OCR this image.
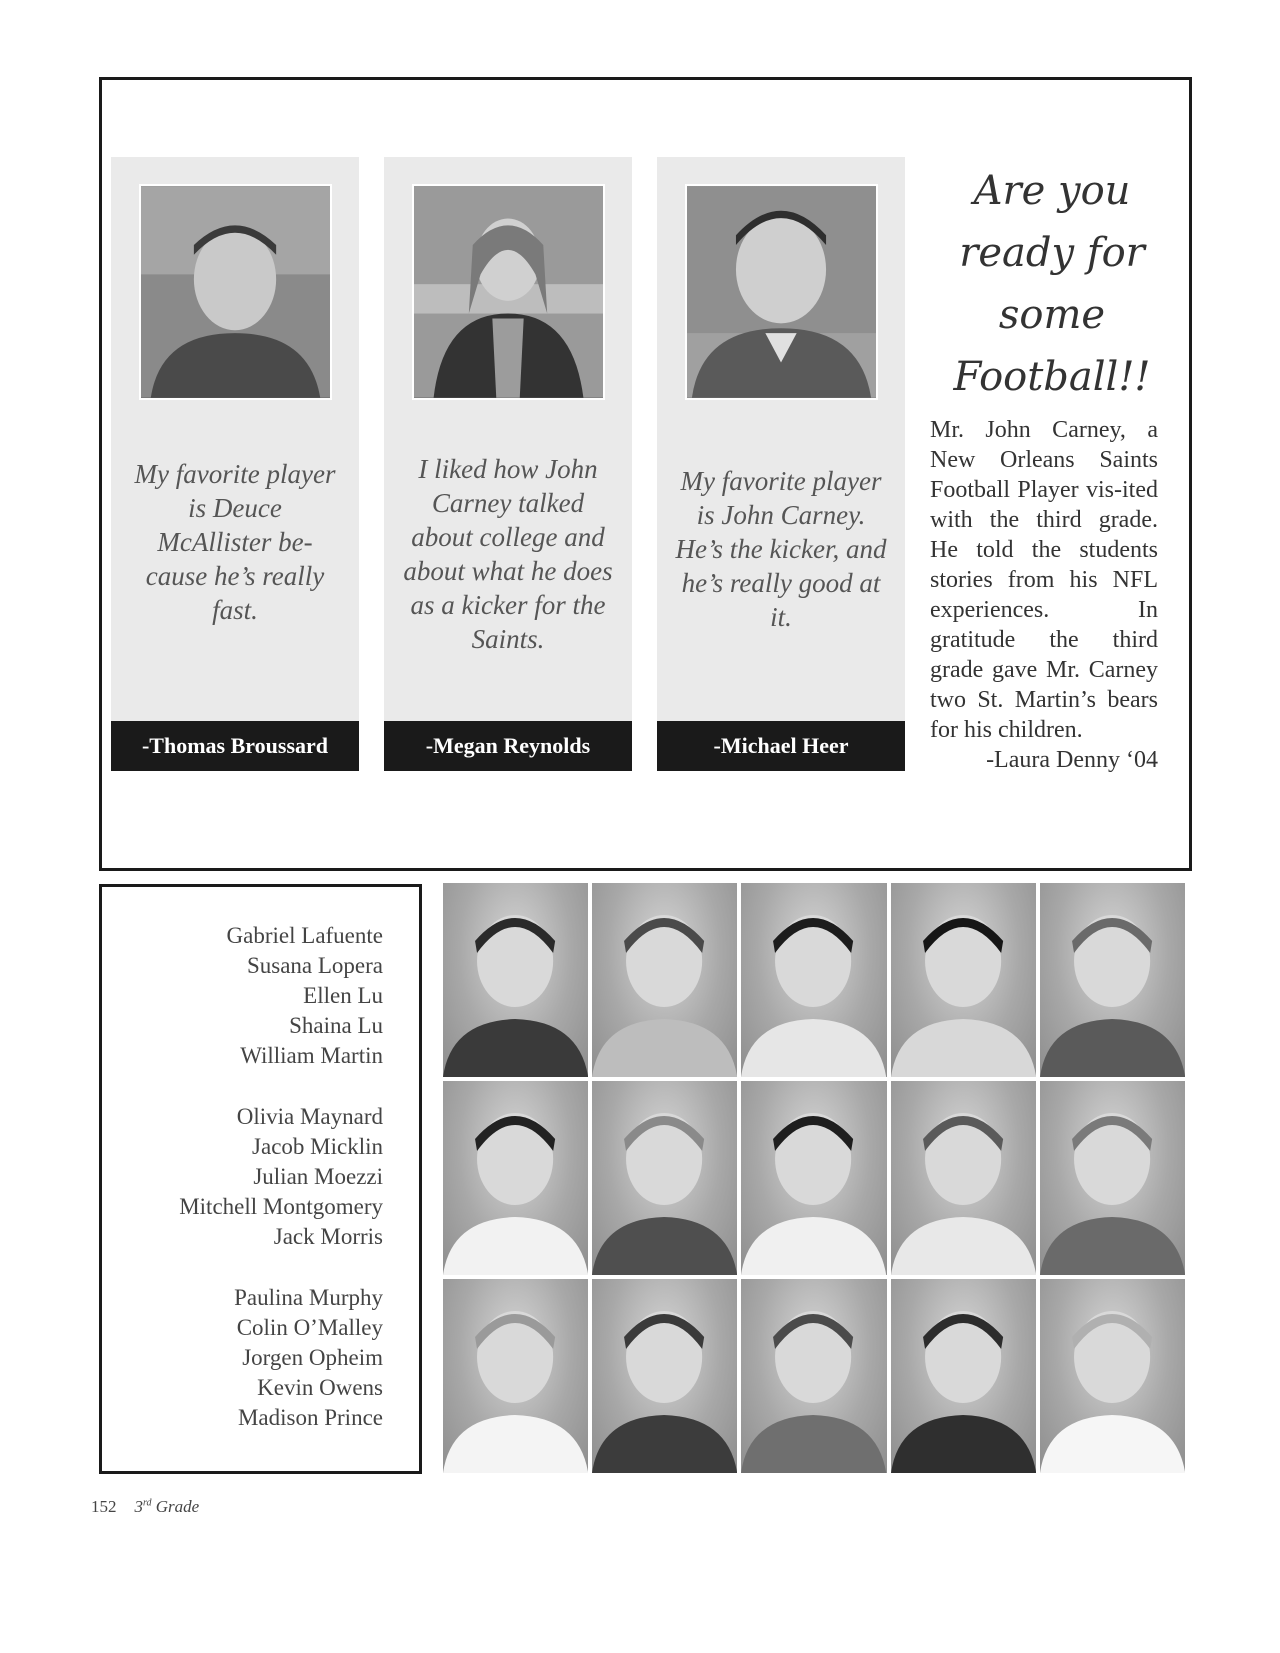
My favorite player is Deuce McAllister be-cause he’s really fast.
-Thomas Broussard
I liked how John Carney talked about college and about what he does as a kicker for the Saints.
-Megan Reynolds
My favorite player is John Carney. He’s the kicker, and he’s really good at it.
-Michael Heer
Are you
ready for
some
Football!!
Mr. John Carney, a New Orleans Saints Football Player vis-ited with the third grade. He told the students stories from his NFL experiences. In gratitude the third grade gave Mr. Carney two St. Martin’s bears for his children.
-Laura Denny ‘04
Gabriel Lafuente
Susana Lopera
Ellen Lu
Shaina Lu
William Martin
Olivia Maynard
Jacob Micklin
Julian Moezzi
Mitchell Montgomery
Jack Morris
Paulina Murphy
Colin O’Malley
Jorgen Opheim
Kevin Owens
Madison Prince
152 3rd Grade
